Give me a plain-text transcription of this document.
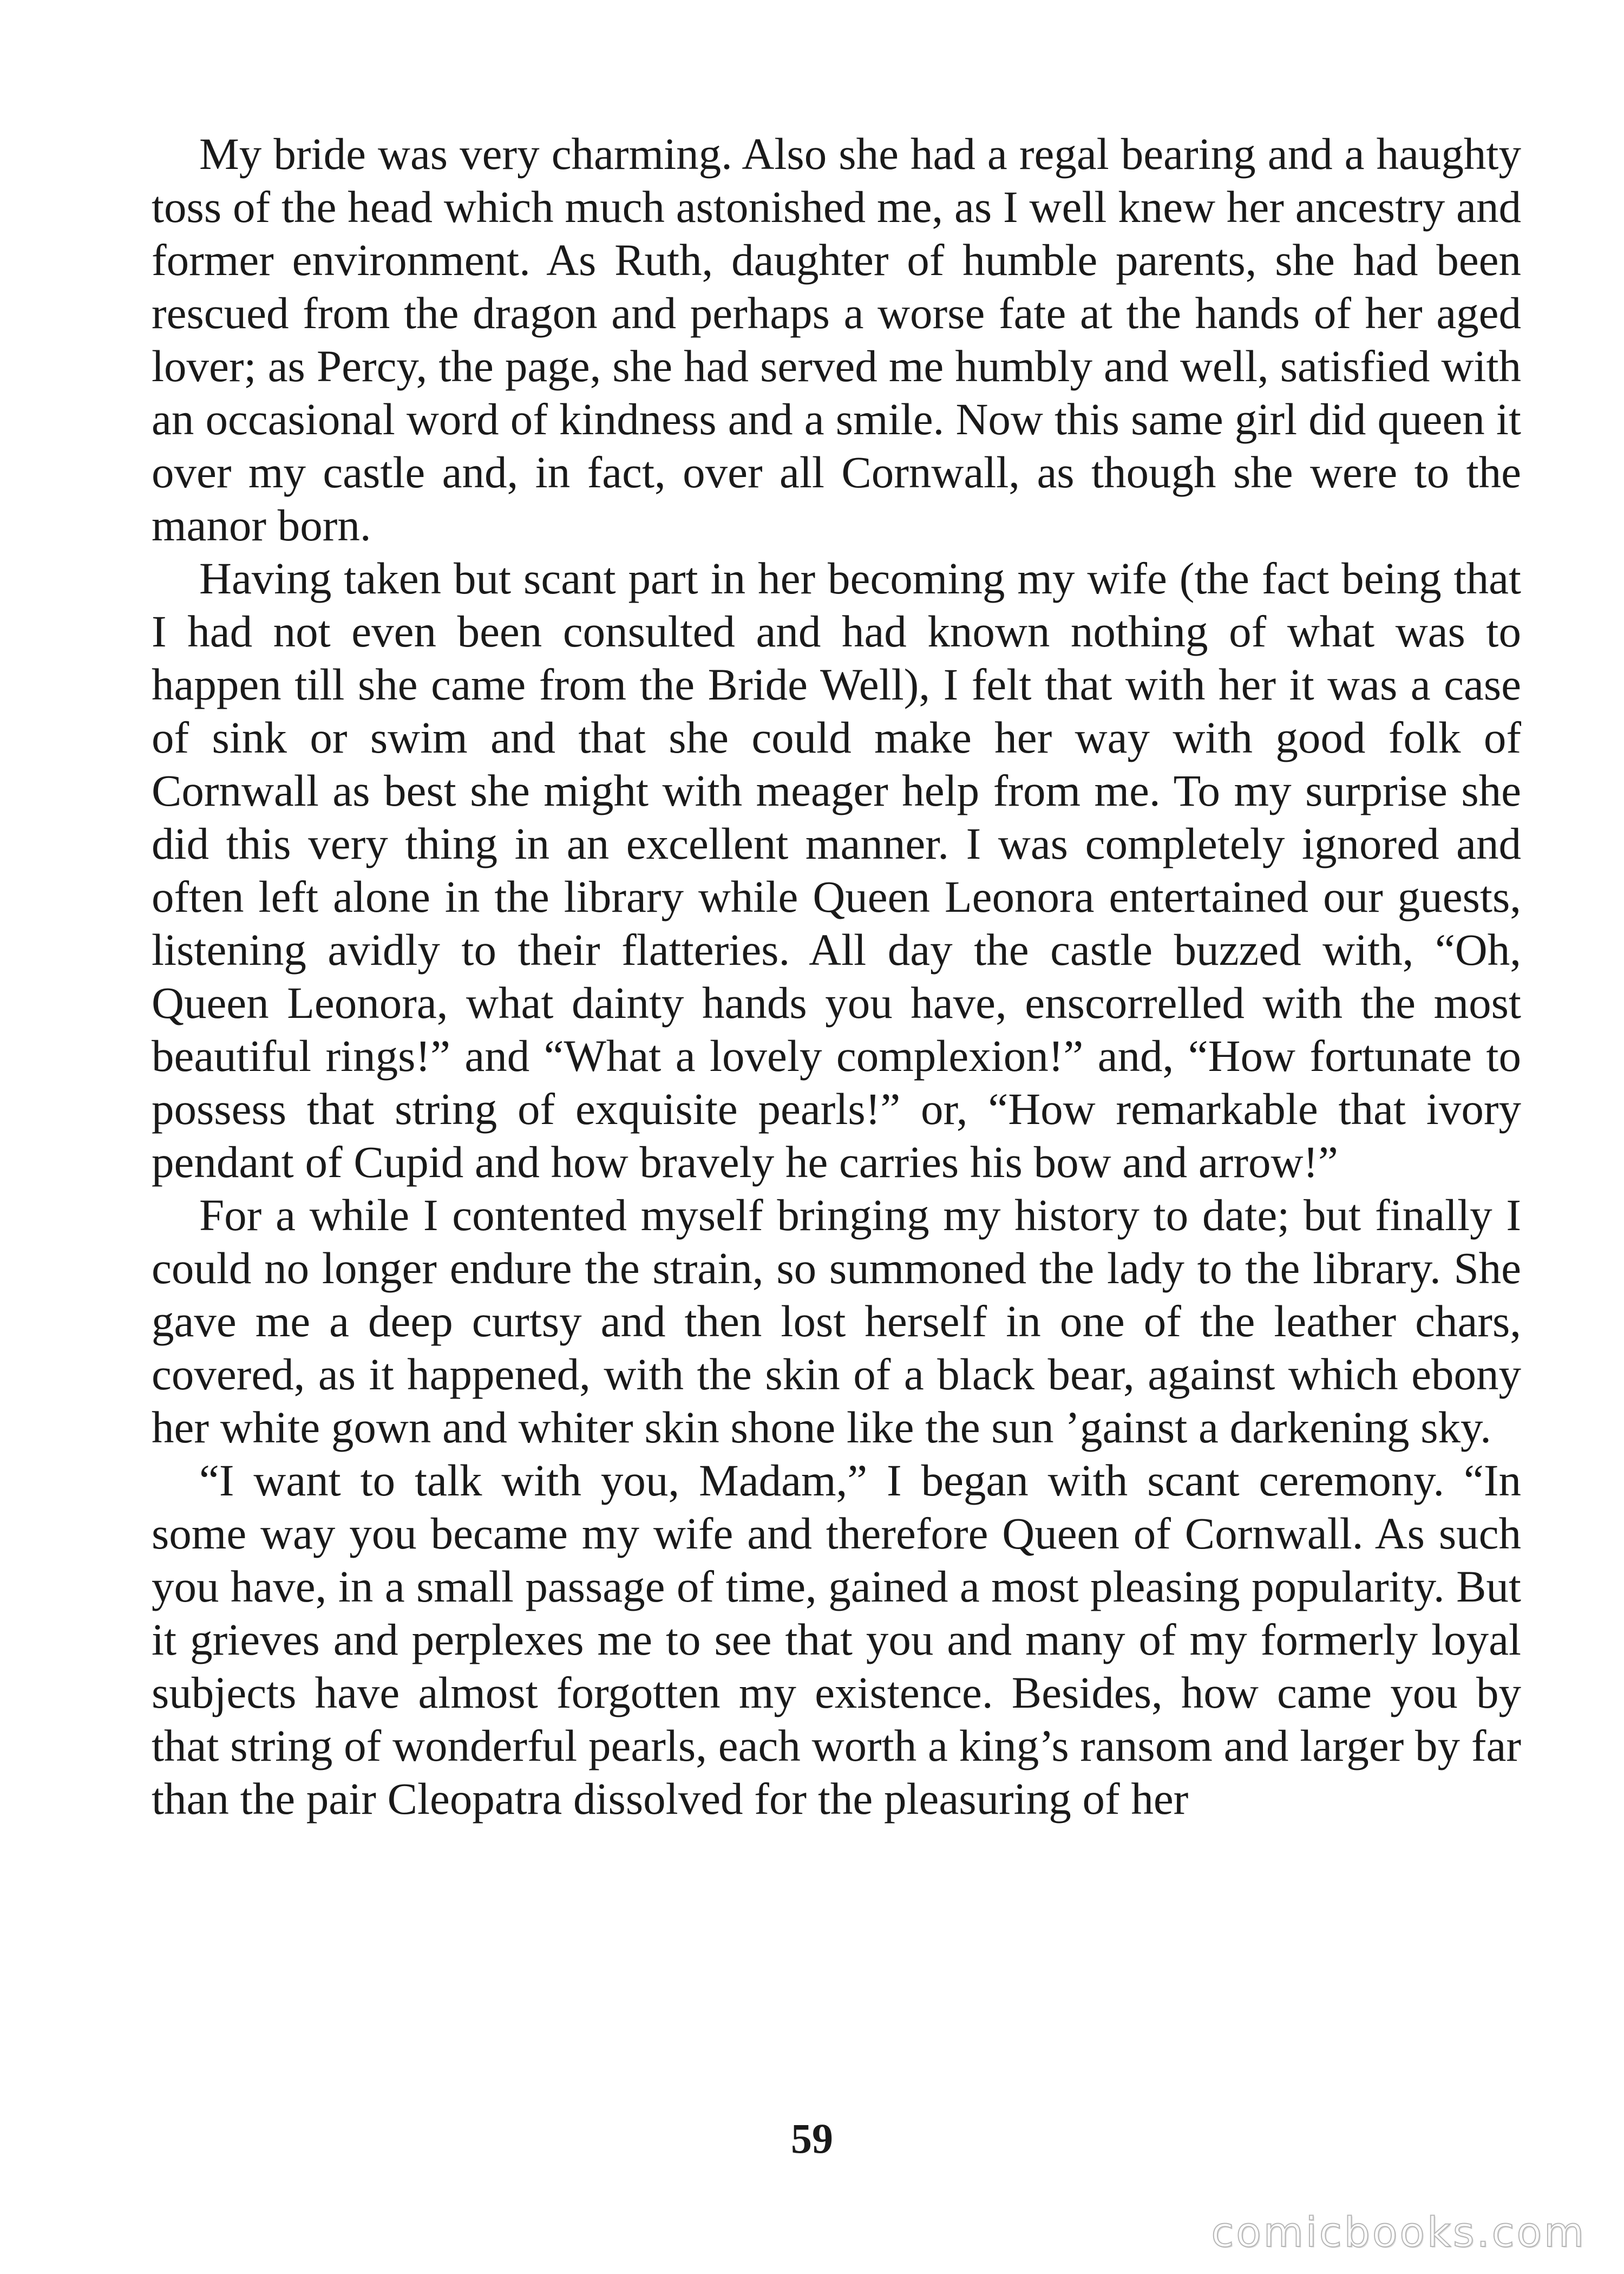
My bride was very charming. Also she had a regal bearing and a haughty toss of the head which much astonished me, as I well knew her ancestry and former environment. As Ruth, daughter of humble parents, she had been rescued from the dragon and perhaps a worse fate at the hands of her aged lover; as Percy, the page, she had served me humbly and well, satisfied with an occasional word of kindness and a smile. Now this same girl did queen it over my castle and, in fact, over all Cornwall, as though she were to the manor born.

Having taken but scant part in her becoming my wife (the fact being that I had not even been consulted and had known nothing of what was to happen till she came from the Bride Well), I felt that with her it was a case of sink or swim and that she could make her way with good folk of Cornwall as best she might with meager help from me. To my surprise she did this very thing in an excellent manner. I was completely ignored and often left alone in the library while Queen Leonora entertained our guests, listening avidly to their flatteries. All day the castle buzzed with, “Oh, Queen Leonora, what dainty hands you have, enscorrelled with the most beautiful rings!” and “What a lovely complexion!” and, “How fortunate to possess that string of exquisite pearls!” or, “How remarkable that ivory pendant of Cupid and how bravely he carries his bow and arrow!”

For a while I contented myself bringing my history to date; but finally I could no longer endure the strain, so summoned the lady to the library. She gave me a deep curtsy and then lost herself in one of the leather chars, covered, as it happened, with the skin of a black bear, against which ebony her white gown and whiter skin shone like the sun ’gainst a darkening sky.

“I want to talk with you, Madam,” I began with scant ceremony. “In some way you became my wife and therefore Queen of Cornwall. As such you have, in a small passage of time, gained a most pleasing popularity. But it grieves and perplexes me to see that you and many of my formerly loyal subjects have almost forgotten my existence. Besides, how came you by that string of wonderful pearls, each worth a king’s ransom and larger by far than the pair Cleopatra dissolved for the pleasuring of her

59
comicbooks.com
